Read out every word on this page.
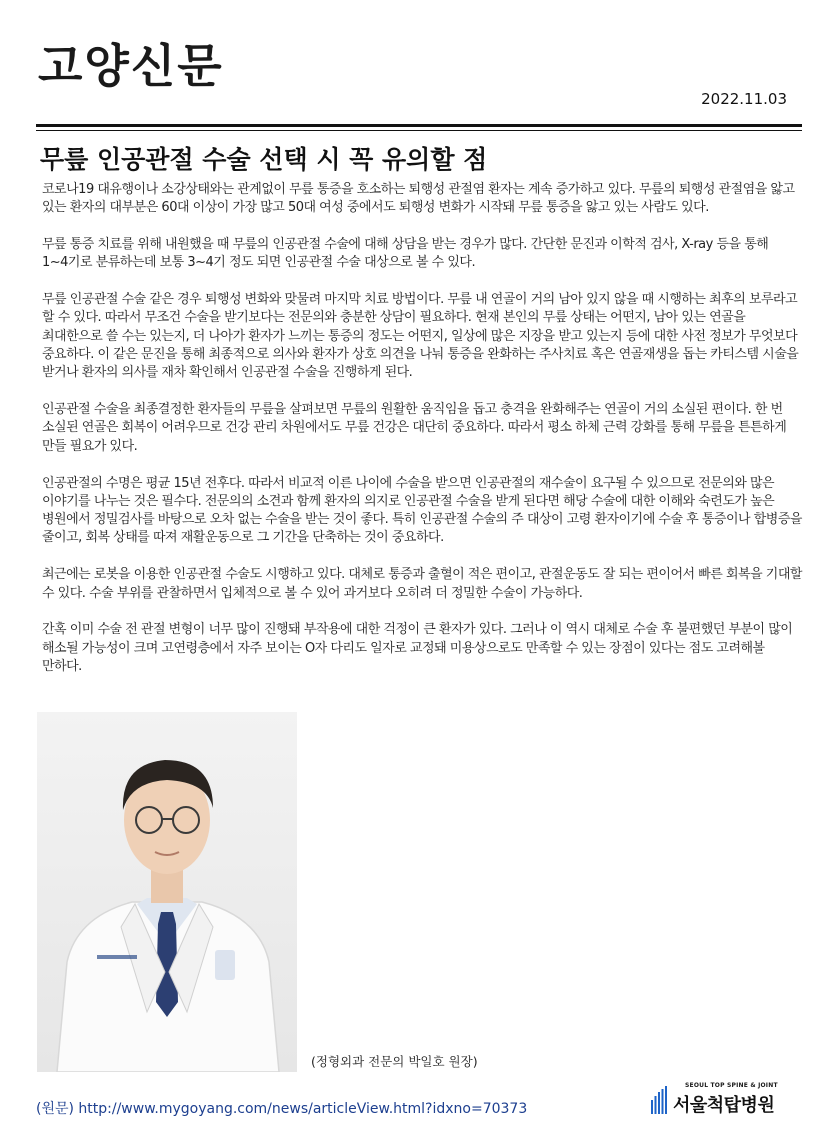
고양신문
2022.11.03
무릎 인공관절 수술 선택 시 꼭 유의할 점

코로나19 대유행이나 소강상태와는 관계없이 무릎 통증을 호소하는 퇴행성 관절염 환자는 계속 증가하고 있다. 무릎의 퇴행성 관절염을 앓고 있는 환자의 대부분은 60대 이상이 가장 많고 50대 여성 중에서도 퇴행성 변화가 시작돼 무릎 통증을 앓고 있는 사람도 있다.

무릎 통증 치료를 위해 내원했을 때 무릎의 인공관절 수술에 대해 상담을 받는 경우가 많다. 간단한 문진과 이학적 검사, X-ray 등을 통해 1~4기로 분류하는데 보통 3~4기 정도 되면 인공관절 수술 대상으로 볼 수 있다.

무릎 인공관절 수술 같은 경우 퇴행성 변화와 맞물려 마지막 치료 방법이다. 무릎 내 연골이 거의 남아 있지 않을 때 시행하는 최후의 보루라고 할 수 있다. 따라서 무조건 수술을 받기보다는 전문의와 충분한 상담이 필요하다. 현재 본인의 무릎 상태는 어떤지, 남아 있는 연골을 최대한으로 쓸 수는 있는지, 더 나아가 환자가 느끼는 통증의 정도는 어떤지, 일상에 많은 지장을 받고 있는지 등에 대한 사전 정보가 무엇보다 중요하다. 이 같은 문진을 통해 최종적으로 의사와 환자가 상호 의견을 나눠 통증을 완화하는 주사치료 혹은 연골재생을 돕는 카티스템 시술을 받거나 환자의 의사를 재차 확인해서 인공관절 수술을 진행하게 된다.

인공관절 수술을 최종결정한 환자들의 무릎을 살펴보면 무릎의 원활한 움직임을 돕고 충격을 완화해주는 연골이 거의 소실된 편이다. 한 번 소실된 연골은 회복이 어려우므로 건강 관리 차원에서도 무릎 건강은 대단히 중요하다. 따라서 평소 하체 근력 강화를 통해 무릎을 튼튼하게 만들 필요가 있다.

인공관절의 수명은 평균 15년 전후다. 따라서 비교적 이른 나이에 수술을 받으면 인공관절의 재수술이 요구될 수 있으므로 전문의와 많은 이야기를 나누는 것은 필수다. 전문의의 소견과 함께 환자의 의지로 인공관절 수술을 받게 된다면 해당 수술에 대한 이해와 숙련도가 높은 병원에서 정밀검사를 바탕으로 오차 없는 수술을 받는 것이 좋다. 특히 인공관절 수술의 주 대상이 고령 환자이기에 수술 후 통증이나 합병증을 줄이고, 회복 상태를 따져 재활운동으로 그 기간을 단축하는 것이 중요하다.

최근에는 로봇을 이용한 인공관절 수술도 시행하고 있다. 대체로 통증과 출혈이 적은 편이고, 관절운동도 잘 되는 편이어서 빠른 회복을 기대할 수 있다. 수술 부위를 관찰하면서 입체적으로 볼 수 있어 과거보다 오히려 더 정밀한 수술이 가능하다.

간혹 이미 수술 전 관절 변형이 너무 많이 진행돼 부작용에 대한 걱정이 큰 환자가 있다. 그러나 이 역시 대체로 수술 후 불편했던 부분이 많이 해소될 가능성이 크며 고연령층에서 자주 보이는 O자 다리도 일자로 교정돼 미용상으로도 만족할 수 있는 장점이 있다는 점도 고려해볼 만하다.

(정형외과 전문의 박일호 원장)
(원문) http://www.mygoyang.com/news/articleView.html?idxno=70373
SEOUL TOP SPINE & JOINT
서울척탑병원
